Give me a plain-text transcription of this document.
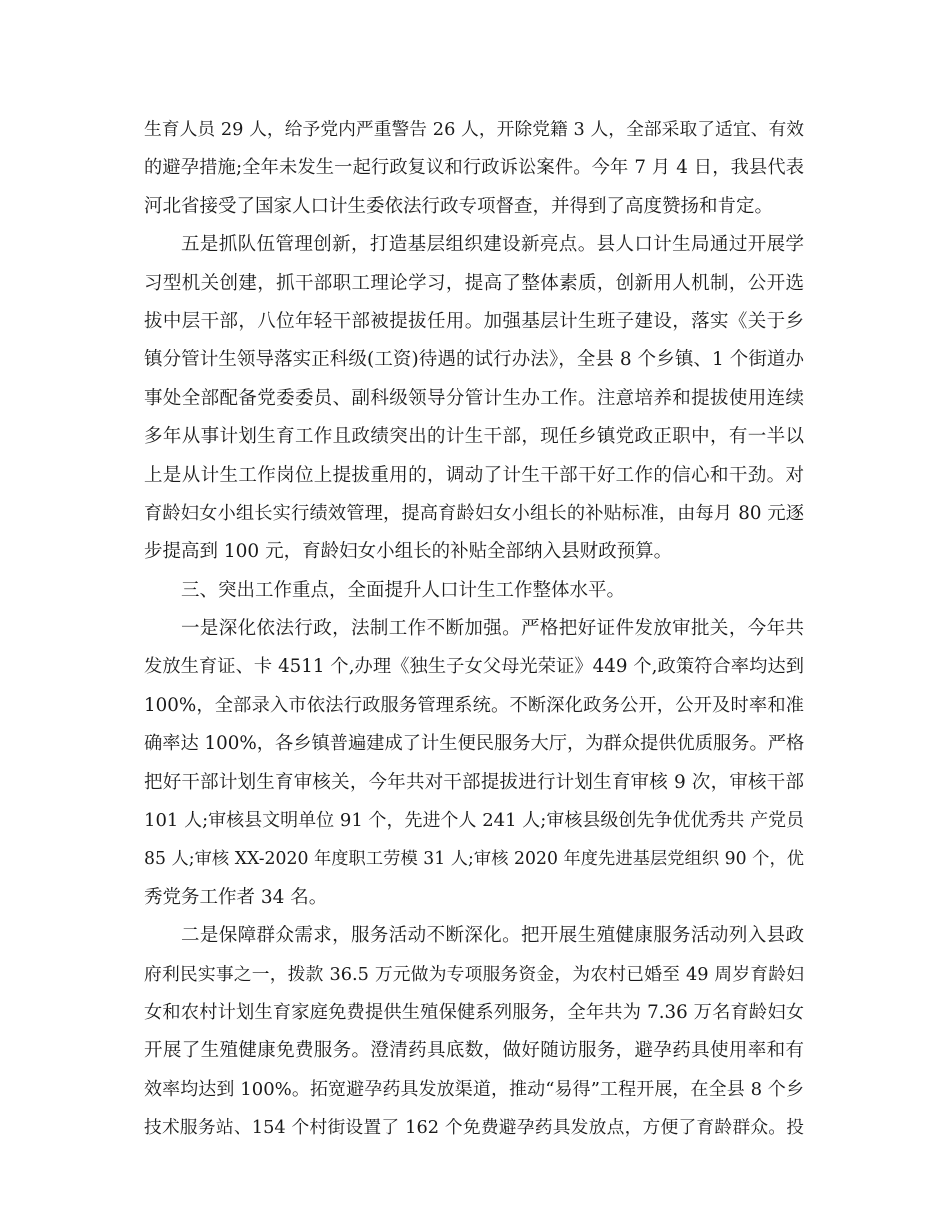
生育人员 29 人，给予党内严重警告 26 人，开除党籍 3 人，全部采取了适宜、有效
的避孕措施;全年未发生一起行政复议和行政诉讼案件。今年 7 月 4 日，我县代表
河北省接受了国家人口计生委依法行政专项督查，并得到了高度赞扬和肯定。
五是抓队伍管理创新，打造基层组织建设新亮点。县人口计生局通过开展学
习型机关创建，抓干部职工理论学习，提高了整体素质，创新用人机制，公开选
拔中层干部，八位年轻干部被提拔任用。加强基层计生班子建设，落实《关于乡
镇分管计生领导落实正科级(工资)待遇的试行办法》，全县 8 个乡镇、1 个街道办
事处全部配备党委委员、副科级领导分管计生办工作。注意培养和提拔使用连续
多年从事计划生育工作且政绩突出的计生干部，现任乡镇党政正职中，有一半以
上是从计生工作岗位上提拔重用的，调动了计生干部干好工作的信心和干劲。对
育龄妇女小组长实行绩效管理，提高育龄妇女小组长的补贴标准，由每月 80 元逐
步提高到 100 元，育龄妇女小组长的补贴全部纳入县财政预算。
三、突出工作重点，全面提升人口计生工作整体水平。
一是深化依法行政，法制工作不断加强。严格把好证件发放审批关，今年共
发放生育证、卡 4511 个,办理《独生子女父母光荣证》449 个,政策符合率均达到
100%，全部录入市依法行政服务管理系统。不断深化政务公开，公开及时率和准
确率达 100%，各乡镇普遍建成了计生便民服务大厅，为群众提供优质服务。严格
把好干部计划生育审核关，今年共对干部提拔进行计划生育审核 9 次，审核干部
101 人;审核县文明单位 91 个，先进个人 241 人;审核县级创先争优优秀共 产党员
85 人;审核 XX-2020 年度职工劳模 31 人;审核 2020 年度先进基层党组织 90 个，优
秀党务工作者 34 名。
二是保障群众需求，服务活动不断深化。把开展生殖健康服务活动列入县政
府利民实事之一，拨款 36.5 万元做为专项服务资金，为农村已婚至 49 周岁育龄妇
女和农村计划生育家庭免费提供生殖保健系列服务，全年共为 7.36 万名育龄妇女
开展了生殖健康免费服务。澄清药具底数，做好随访服务，避孕药具使用率和有
效率均达到 100%。拓宽避孕药具发放渠道，推动“易得”工程开展，在全县 8 个乡
技术服务站、154 个村街设置了 162 个免费避孕药具发放点，方便了育龄群众。投
